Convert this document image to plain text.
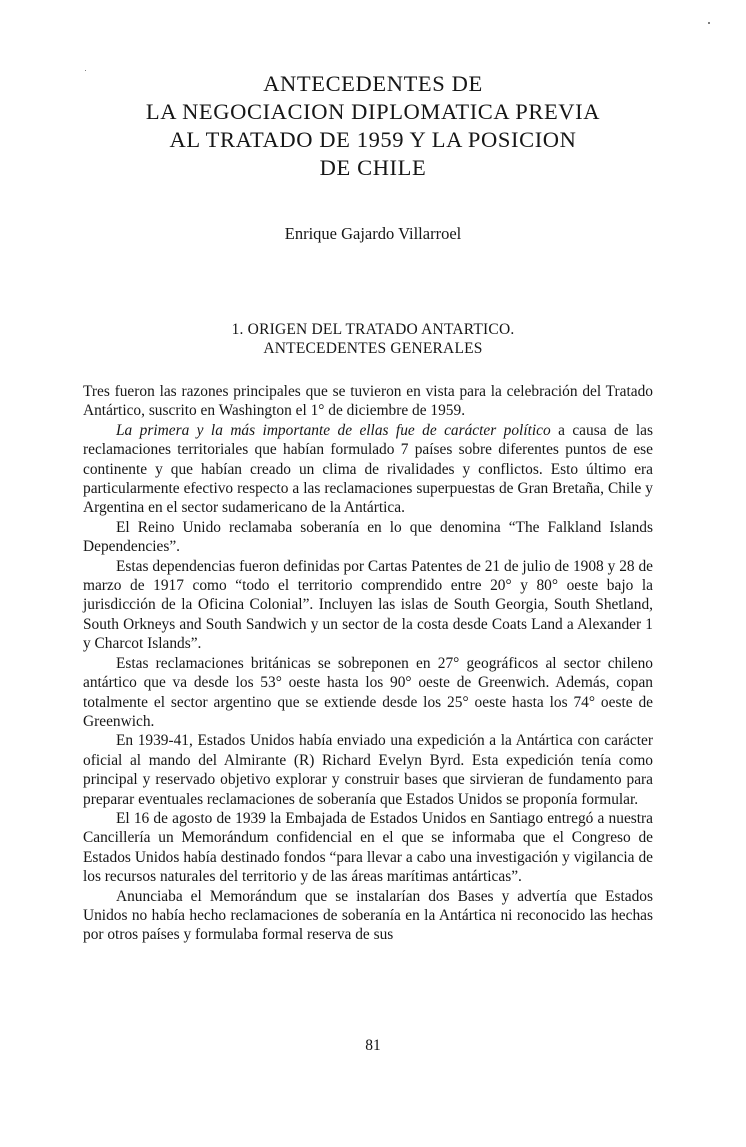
ANTECEDENTES DE
LA NEGOCIACION DIPLOMATICA PREVIA
AL TRATADO DE 1959 Y LA POSICION
DE CHILE
Enrique Gajardo Villarroel
1. ORIGEN DEL TRATADO ANTARTICO.
ANTECEDENTES GENERALES

Tres fueron las razones principales que se tuvieron en vista para la celebración del Tratado Antártico, suscrito en Washington el 1° de diciembre de 1959.

La primera y la más importante de ellas fue de carácter político a causa de las reclamaciones territoriales que habían formulado 7 países sobre diferentes puntos de ese continente y que habían creado un clima de rivalidades y conflictos. Esto último era particularmente efectivo respecto a las reclamaciones superpuestas de Gran Bretaña, Chile y Argentina en el sector sudamericano de la Antártica.

El Reino Unido reclamaba soberanía en lo que denomina “The Falkland Islands Dependencies”.

Estas dependencias fueron definidas por Cartas Patentes de 21 de julio de 1908 y 28 de marzo de 1917 como “todo el territorio comprendido entre 20° y 80° oeste bajo la jurisdicción de la Oficina Colonial”. Incluyen las islas de South Georgia, South Shetland, South Orkneys and South Sandwich y un sector de la costa desde Coats Land a Alexander 1 y Charcot Islands”.

Estas reclamaciones británicas se sobreponen en 27° geográficos al sector chileno antártico que va desde los 53° oeste hasta los 90° oeste de Greenwich. Además, copan totalmente el sector argentino que se extiende desde los 25° oeste hasta los 74° oeste de Greenwich.

En 1939-41, Estados Unidos había enviado una expedición a la Antártica con carácter oficial al mando del Almirante (R) Richard Evelyn Byrd. Esta expedición tenía como principal y reservado objetivo explorar y construir bases que sirvieran de fundamento para preparar eventuales reclamaciones de soberanía que Estados Unidos se proponía formular.

El 16 de agosto de 1939 la Embajada de Estados Unidos en Santiago entregó a nuestra Cancillería un Memorándum confidencial en el que se informaba que el Congreso de Estados Unidos había destinado fondos “para llevar a cabo una investigación y vigilancia de los recursos naturales del territorio y de las áreas marítimas antárticas”.

Anunciaba el Memorándum que se instalarían dos Bases y advertía que Estados Unidos no había hecho reclamaciones de soberanía en la Antártica ni reconocido las hechas por otros países y formulaba formal reserva de sus

81
